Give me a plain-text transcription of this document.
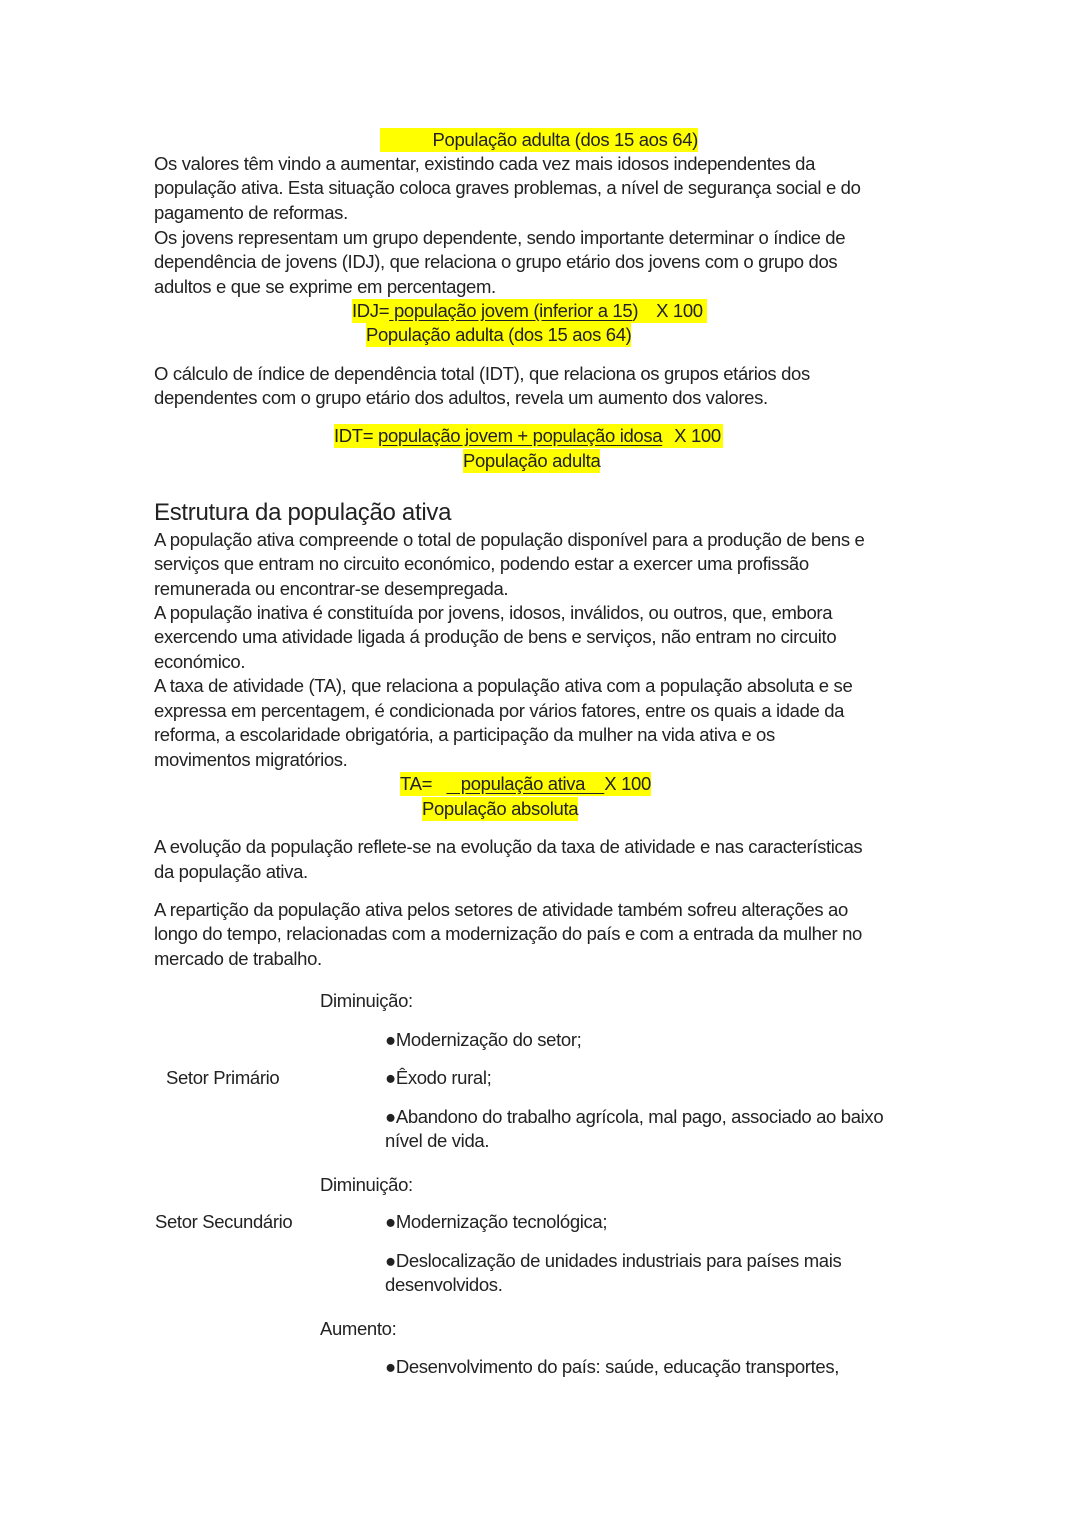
População adulta (dos 15 aos 64)
Os valores têm vindo a aumentar, existindo cada vez mais idosos independentes da
população ativa. Esta situação coloca graves problemas, a nível de segurança social e do
pagamento de reformas.
Os jovens representam um grupo dependente, sendo importante determinar o índice de
dependência de jovens (IDJ), que relaciona o grupo etário dos jovens com o grupo dos
adultos e que se exprime em percentagem.
IDJ= população jovem (inferior a 15) X 100
População adulta (dos 15 aos 64)
O cálculo de índice de dependência total (IDT), que relaciona os grupos etários dos
dependentes com o grupo etário dos adultos, revela um aumento dos valores.
IDT= população jovem + população idosa X 100
População adulta
Estrutura da população ativa
A população ativa compreende o total de população disponível para a produção de bens e
serviços que entram no circuito económico, podendo estar a exercer uma profissão
remunerada ou encontrar-se desempregada.
A população inativa é constituída por jovens, idosos, inválidos, ou outros, que, embora
exercendo uma atividade ligada á produção de bens e serviços, não entram no circuito
económico.
A taxa de atividade (TA), que relaciona a população ativa com a população absoluta e se
expressa em percentagem, é condicionada por vários fatores, entre os quais a idade da
reforma, a escolaridade obrigatória, a participação da mulher na vida ativa e os
movimentos migratórios.
TA=      população ativa    X 100
População absoluta
A evolução da população reflete-se na evolução da taxa de atividade e nas características
da população ativa.
A repartição da população ativa pelos setores de atividade também sofreu alterações ao
longo do tempo, relacionadas com a modernização do país e com a entrada da mulher no
mercado de trabalho.
Diminuição:
●Modernização do setor;
Setor Primário	●Êxodo rural;
●Abandono do trabalho agrícola, mal pago, associado ao baixo
nível de vida.
Diminuição:
Setor Secundário	●Modernização tecnológica;
●Deslocalização de unidades industriais para países mais
desenvolvidos.
Aumento:
●Desenvolvimento do país: saúde, educação transportes,
